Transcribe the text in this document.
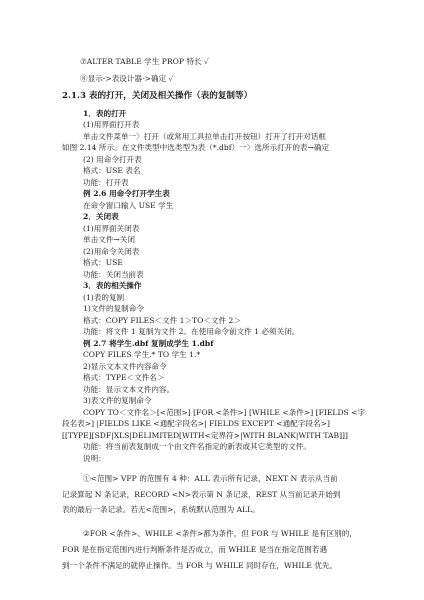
⑦ALTER TABLE 学生 PROP 特长 ✓
⑧显示->表设计器->确定 ✓
2.1.3 表的打开，关闭及相关操作（表的复制等）
1．表的打开
(1)用界面打开表
单击文件菜单一〉打开（或常用工具拉单击打开按钮）打开了打开对话框
如图 2.14 所示。在文件类型中选类型为表（*.dbf）一〉选所示打开的表→确定
(2) 用命令打开表
格式：USE 表名
功能：打开表
例 2.6 用命令打开学生表
在命令窗口输入 USE 学生
2．关闭表
(1)用界面关闭表
单击文件→关闭
(2)用命令关闭表
格式：USE
功能：关闭当前表
3．表的相关操作
(1)表的复制
1)文件的复制命令
格式：COPY FILES＜文件 1＞TO＜文件 2＞
功能：将文件 1 复制为文件 2。在使用命令前文件 1 必须关闭。
例 2.7 将学生.dbf 复制成学生 1.dbf
COPY FILES 学生.* TO 学生 1.*
2)显示文本文件内容命令
格式：TYPE＜文件名＞
功能：显示文本文件内容。
3)表文件的复制命令
COPY TO＜文件名＞[<范围>] [FOR <条件>] [WHILE <条件>] [FIELDS <字
段名表>] |FIELDS LIKE <通配字段名>| FIELDS EXCEPT <通配字段名>]
[[TYPE][SDF|XLS|DELIMITED[WITH<定界符>|WITH BLANK|WITH TAB]]]
功能：将当前表复制成一个由文件名指定的新表或其它类型的文件。
说明：
①<范围> VFP 的范围有 4 种：ALL 表示所有记录，NEXT N 表示从当前
记录算起 N 条记录，RECORD <N>表示第 N 条记录，REST 从当前记录开始到
表的最后一条记录。若无<范围>，系统默认范围为 ALL。
②FOR <条件>、WHILE <条件>都为条件，但 FOR 与 WHILE 是有区别的，
FOR 是在指定范围内进行判断条件是否成立，而 WHILE 是当在指定范围若遇
到一个条件不满足的就停止操作。当 FOR 与 WHILE 同时存在，WHILE 优先。
